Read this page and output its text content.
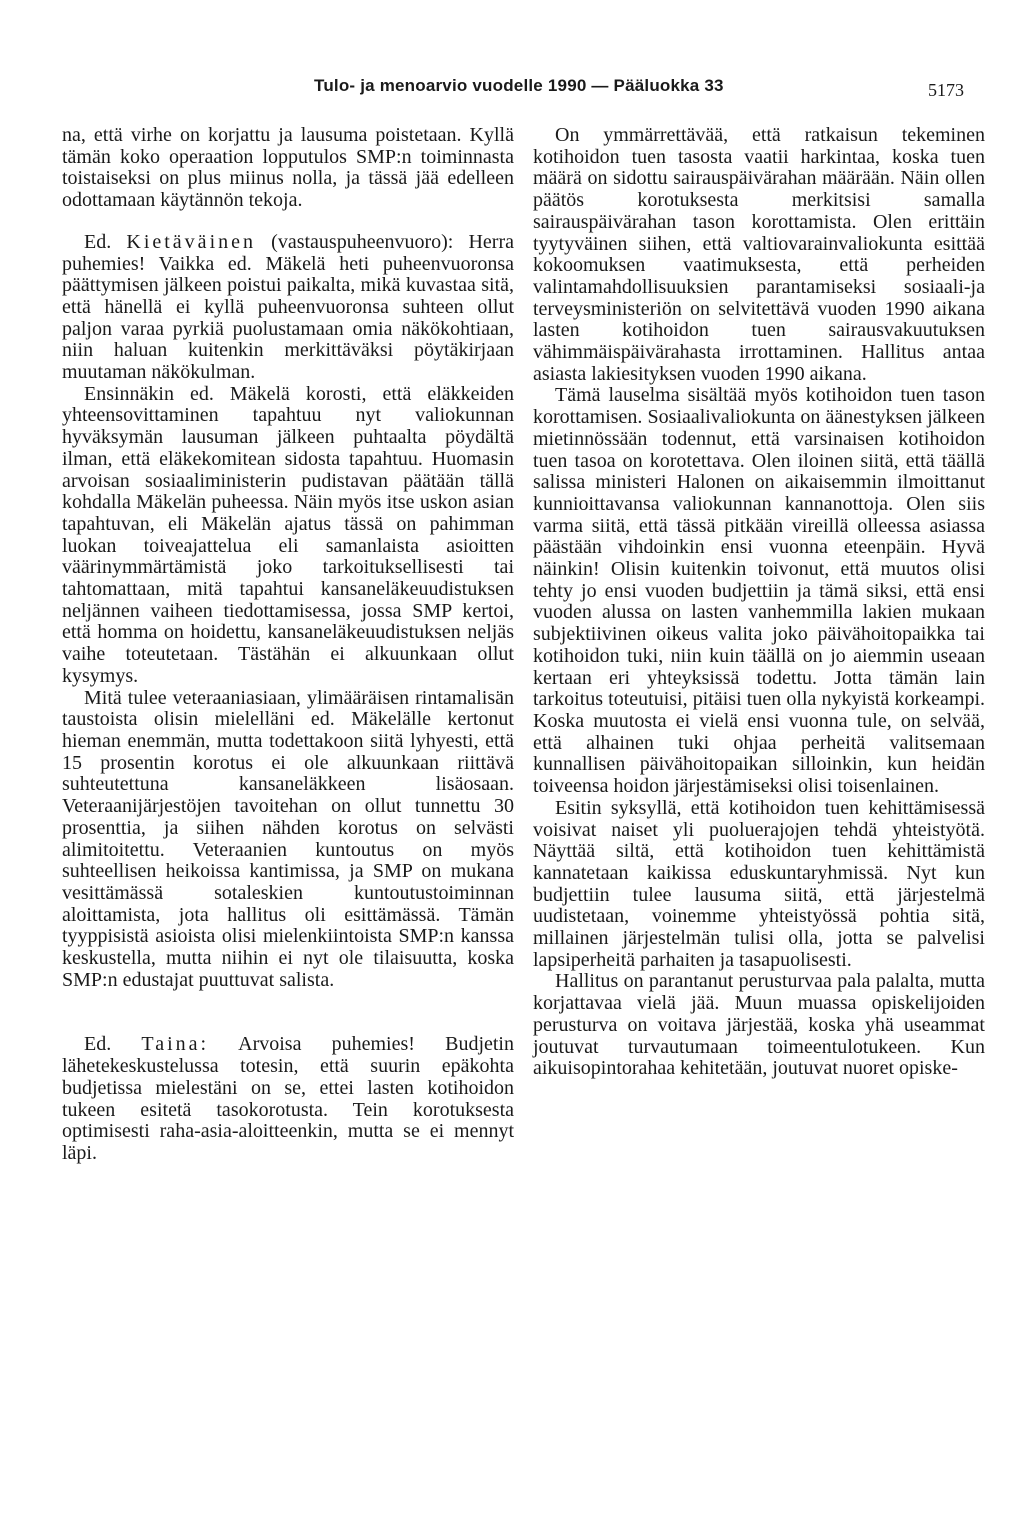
Tulo- ja menoarvio vuodelle 1990 — Pääluokka 33	5173

na, että virhe on korjattu ja lausuma poistetaan. Kyllä tämän koko operaation lopputulos SMP:n toiminnasta toistaiseksi on plus miinus nolla, ja tässä jää edelleen odottamaan käytännön tekoja.

Ed. Kietäväinen (vastauspuheenvuoro): Herra puhemies! Vaikka ed. Mäkelä heti puheenvuoronsa päättymisen jälkeen poistui paikalta, mikä kuvastaa sitä, että hänellä ei kyllä puheenvuoronsa suhteen ollut paljon varaa pyrkiä puolustamaan omia näkökohtiaan, niin haluan kuitenkin merkittäväksi pöytäkirjaan muutaman näkökulman.

Ensinnäkin ed. Mäkelä korosti, että eläkkeiden yhteensovittaminen tapahtuu nyt valiokunnan hyväksymän lausuman jälkeen puhtaalta pöydältä ilman, että eläkekomitean sidosta tapahtuu. Huomasin arvoisan sosiaaliministerin pudistavan päätään tällä kohdalla Mäkelän puheessa. Näin myös itse uskon asian tapahtuvan, eli Mäkelän ajatus tässä on pahimman luokan toiveajattelua eli samanlaista asioitten väärinymmärtämistä joko tarkoituksellisesti tai tahtomattaan, mitä tapahtui kansaneläkeuudistuksen neljännen vaiheen tiedottamisessa, jossa SMP kertoi, että homma on hoidettu, kansaneläkeuudistuksen neljäs vaihe toteutetaan. Tästähän ei alkuunkaan ollut kysymys.

Mitä tulee veteraaniasiaan, ylimääräisen rintamalisän taustoista olisin mielelläni ed. Mäkelälle kertonut hieman enemmän, mutta todettakoon siitä lyhyesti, että 15 prosentin korotus ei ole alkuunkaan riittävä suhteutettuna kansaneläkkeen lisäosaan. Veteraanijärjestöjen tavoitehan on ollut tunnettu 30 prosenttia, ja siihen nähden korotus on selvästi alimitoitettu. Veteraanien kuntoutus on myös suhteellisen heikoissa kantimissa, ja SMP on mukana vesittämässä sotaleskien kuntoutustoiminnan aloittamista, jota hallitus oli esittämässä. Tämän tyyppisistä asioista olisi mielenkiintoista SMP:n kanssa keskustella, mutta niihin ei nyt ole tilaisuutta, koska SMP:n edustajat puuttuvat salista.

Ed. Taina: Arvoisa puhemies! Budjetin lähetekeskustelussa totesin, että suurin epäkohta budjetissa mielestäni on se, ettei lasten kotihoidon tukeen esitetä tasokorotusta. Tein korotuksesta optimisesti raha-asia-aloitteenkin, mutta se ei mennyt läpi.

On ymmärrettävää, että ratkaisun tekeminen kotihoidon tuen tasosta vaatii harkintaa, koska tuen määrä on sidottu sairauspäivärahan määrään. Näin ollen päätös korotuksesta merkitsisi samalla sairauspäivärahan tason korottamista. Olen erittäin tyytyväinen siihen, että valtiovarainvaliokunta esittää kokoomuksen vaatimuksesta, että perheiden valintamahdollisuuksien parantamiseksi sosiaali-ja terveysministeriön on selvitettävä vuoden 1990 aikana lasten kotihoidon tuen sairausvakuutuksen vähimmäispäivärahasta irrottaminen. Hallitus antaa asiasta lakiesityksen vuoden 1990 aikana.

Tämä lauselma sisältää myös kotihoidon tuen tason korottamisen. Sosiaalivaliokunta on äänestyksen jälkeen mietinnössään todennut, että varsinaisen kotihoidon tuen tasoa on korotettava. Olen iloinen siitä, että täällä salissa ministeri Halonen on aikaisemmin ilmoittanut kunnioittavansa valiokunnan kannanottoja. Olen siis varma siitä, että tässä pitkään vireillä olleessa asiassa päästään vihdoinkin ensi vuonna eteenpäin. Hyvä näinkin! Olisin kuitenkin toivonut, että muutos olisi tehty jo ensi vuoden budjettiin ja tämä siksi, että ensi vuoden alussa on lasten vanhemmilla lakien mukaan subjektiivinen oikeus valita joko päivähoitopaikka tai kotihoidon tuki, niin kuin täällä on jo aiemmin useaan kertaan eri yhteyksissä todettu. Jotta tämän lain tarkoitus toteutuisi, pitäisi tuen olla nykyistä korkeampi. Koska muutosta ei vielä ensi vuonna tule, on selvää, että alhainen tuki ohjaa perheitä valitsemaan kunnallisen päivähoitopaikan silloinkin, kun heidän toiveensa hoidon järjestämiseksi olisi toisenlainen.

Esitin syksyllä, että kotihoidon tuen kehittämisessä voisivat naiset yli puoluerajojen tehdä yhteistyötä. Näyttää siltä, että kotihoidon tuen kehittämistä kannatetaan kaikissa eduskuntaryhmissä. Nyt kun budjettiin tulee lausuma siitä, että järjestelmä uudistetaan, voinemme yhteistyössä pohtia sitä, millainen järjestelmän tulisi olla, jotta se palvelisi lapsiperheitä parhaiten ja tasapuolisesti.

Hallitus on parantanut perusturvaa pala palalta, mutta korjattavaa vielä jää. Muun muassa opiskelijoiden perusturva on voitava järjestää, koska yhä useammat joutuvat turvautumaan toimeentulotukeen. Kun aikuisopintorahaa kehitetään, joutuvat nuoret opiske-
